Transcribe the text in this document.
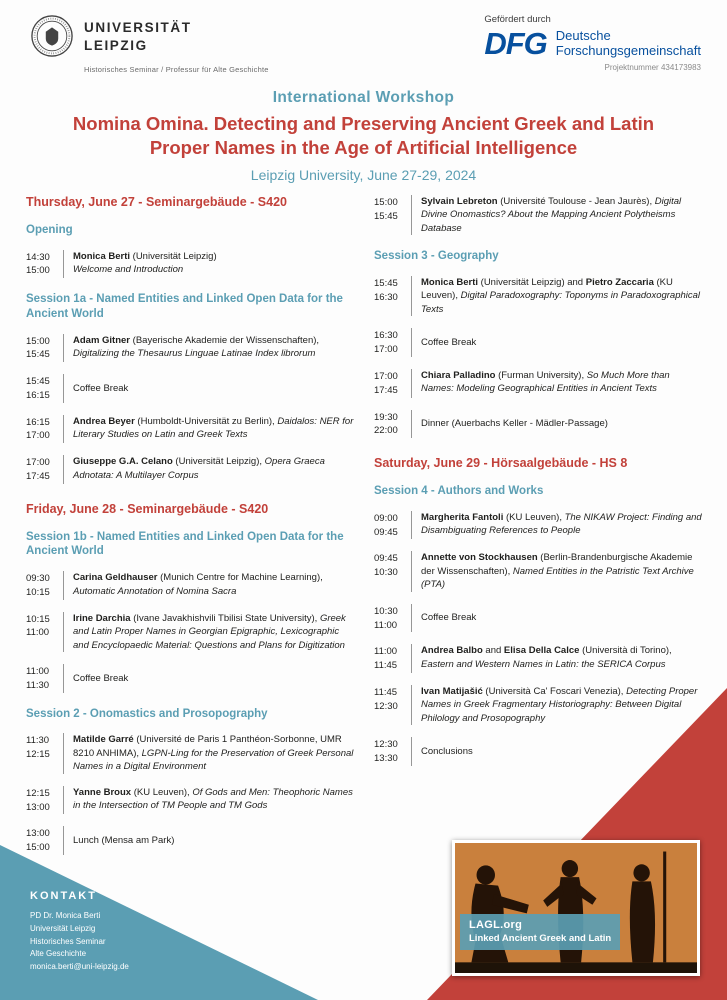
UNIVERSITÄT
LEIPZIG
Historisches Seminar / Professur für Alte Geschichte
Gefördert durch
DFG Deutsche
Forschungsgemeinschaft
Projektnummer 434173983
International Workshop
Nomina Omina. Detecting and Preserving Ancient Greek and Latin
Proper Names in the Age of Artificial Intelligence
Leipzig University, June 27-29, 2024
Thursday, June 27 - Seminargebäude - S420
Opening
14:30
15:00
Monica Berti (Universität Leipzig)
Welcome and Introduction
Session 1a - Named Entities and Linked Open Data for the Ancient World
15:00
15:45
Adam Gitner (Bayerische Akademie der Wissenschaften), Digitalizing the Thesaurus Linguae Latinae Index librorum
15:45
16:15
Coffee Break
16:15
17:00
Andrea Beyer (Humboldt-Universität zu Berlin), Daidalos: NER for Literary Studies on Latin and Greek Texts
17:00
17:45
Giuseppe G.A. Celano (Universität Leipzig), Opera Graeca Adnotata: A Multilayer Corpus
Friday, June 28 - Seminargebäude - S420
Session 1b - Named Entities and Linked Open Data for the Ancient World
09:30
10:15
Carina Geldhauser (Munich Centre for Machine Learning), Automatic Annotation of Nomina Sacra
10:15
11:00
Irine Darchia (Ivane Javakhishvili Tbilisi State University), Greek and Latin Proper Names in Georgian Epigraphic, Lexicographic and Encyclopaedic Material: Questions and Plans for Digitization
11:00
11:30
Coffee Break
Session 2 - Onomastics and Prosopography
11:30
12:15
Matilde Garré (Université de Paris 1 Panthéon-Sorbonne, UMR 8210 ANHIMA), LGPN-Ling for the Preservation of Greek Personal Names in a Digital Environment
12:15
13:00
Yanne Broux (KU Leuven), Of Gods and Men: Theophoric Names in the Intersection of TM People and TM Gods
13:00
15:00
Lunch (Mensa am Park)
15:00
15:45
Sylvain Lebreton (Université Toulouse - Jean Jaurès), Digital Divine Onomastics? About the Mapping Ancient Polytheisms Database
Session 3 - Geography
15:45
16:30
Monica Berti (Universität Leipzig) and Pietro Zaccaria (KU Leuven), Digital Paradoxography: Toponyms in Paradoxographical Texts
16:30
17:00
Coffee Break
17:00
17:45
Chiara Palladino (Furman University), So Much More than Names: Modeling Geographical Entities in Ancient Texts
19:30
22:00
Dinner (Auerbachs Keller - Mädler-Passage)
Saturday, June 29 - Hörsaalgebäude - HS 8
Session 4 - Authors and Works
09:00
09:45
Margherita Fantoli (KU Leuven), The NIKAW Project: Finding and Disambiguating References to People
09:45
10:30
Annette von Stockhausen (Berlin-Brandenburgische Akademie der Wissenschaften), Named Entities in the Patristic Text Archive (PTA)
10:30
11:00
Coffee Break
11:00
11:45
Andrea Balbo and Elisa Della Calce (Università di Torino), Eastern and Western Names in Latin: the SERICA Corpus
11:45
12:30
Ivan Matijašić (Università Ca' Foscari Venezia), Detecting Proper Names in Greek Fragmentary Historiography: Between Digital Philology and Prosopography
12:30
13:30
Conclusions
KONTAKT
PD Dr. Monica Berti
Universität Leipzig
Historisches Seminar
Alte Geschichte
monica.berti@uni-leipzig.de
LAGL.org
Linked Ancient Greek and Latin
